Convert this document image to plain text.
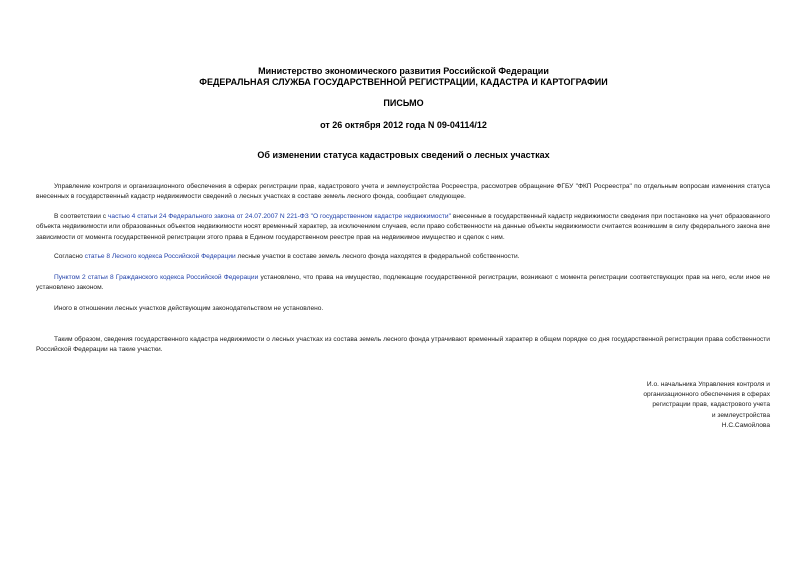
Министерство экономического развития Российской Федерации
ФЕДЕРАЛЬНАЯ СЛУЖБА ГОСУДАРСТВЕННОЙ РЕГИСТРАЦИИ, КАДАСТРА И КАРТОГРАФИИ
ПИСЬМО
от 26 октября 2012 года N 09-04114/12
Об изменении статуса кадастровых сведений о лесных участках

Управление контроля и организационного обеспечения в сферах регистрации прав, кадастрового учета и землеустройства Росреестра, рассмотрев обращение ФГБУ "ФКП Росреестра" по отдельным вопросам изменения статуса внесенных в государственный кадастр недвижимости сведений о лесных участках в составе земель лесного фонда, сообщает следующее.

В соответствии с частью 4 статьи 24 Федерального закона от 24.07.2007 N 221-ФЗ "О государственном кадастре недвижимости" внесенные в государственный кадастр недвижимости сведения при постановке на учет образованного объекта недвижимости или образованных объектов недвижимости носят временный характер, за исключением случаев, если право собственности на данные объекты недвижимости считается возникшим в силу федерального закона вне зависимости от момента государственной регистрации этого права в Едином государственном реестре прав на недвижимое имущество и сделок с ним.

Согласно статье 8 Лесного кодекса Российской Федерации лесные участки в составе земель лесного фонда находятся в федеральной собственности.

Пунктом 2 статьи 8 Гражданского кодекса Российской Федерации установлено, что права на имущество, подлежащие государственной регистрации, возникают с момента регистрации соответствующих прав на него, если иное не установлено законом.

Иного в отношении лесных участков действующим законодательством не установлено.

Таким образом, сведения государственного кадастра недвижимости о лесных участках из состава земель лесного фонда утрачивают временный характер в общем порядке со дня государственной регистрации права собственности Российской Федерации на такие участки.

И.о. начальника Управления контроля и
организационного обеспечения в сферах
регистрации прав, кадастрового учета
и землеустройства
Н.С.Самойлова
